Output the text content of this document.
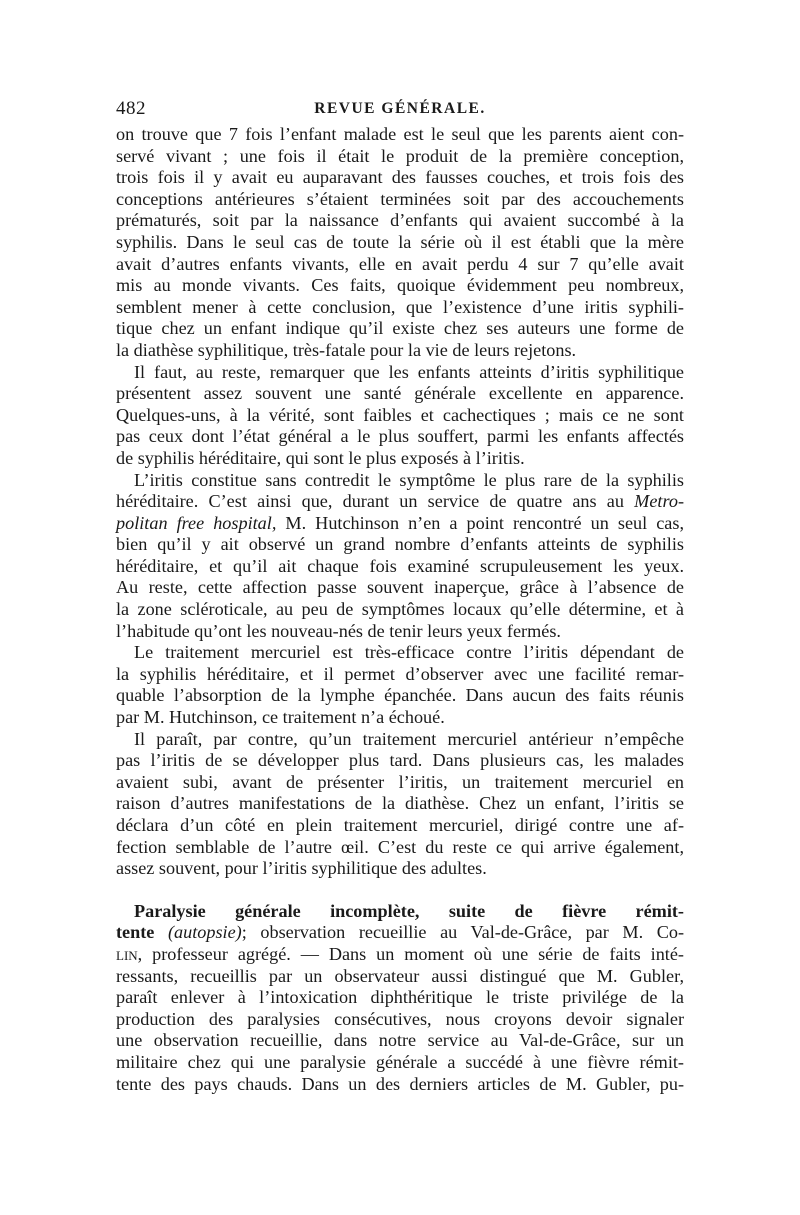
482	REVUE GÉNÉRALE.
on trouve que 7 fois l’enfant malade est le seul que les parents aient con-
servé vivant ; une fois il était le produit de la première conception,
trois fois il y avait eu auparavant des fausses couches, et trois fois des
conceptions antérieures s’étaient terminées soit par des accouchements
prématurés, soit par la naissance d’enfants qui avaient succombé à la
syphilis. Dans le seul cas de toute la série où il est établi que la mère
avait d’autres enfants vivants, elle en avait perdu 4 sur 7 qu’elle avait
mis au monde vivants. Ces faits, quoique évidemment peu nombreux,
semblent mener à cette conclusion, que l’existence d’une iritis syphili-
tique chez un enfant indique qu’il existe chez ses auteurs une forme de
la diathèse syphilitique, très-fatale pour la vie de leurs rejetons.
Il faut, au reste, remarquer que les enfants atteints d’iritis syphilitique
présentent assez souvent une santé générale excellente en apparence.
Quelques-uns, à la vérité, sont faibles et cachectiques ; mais ce ne sont
pas ceux dont l’état général a le plus souffert, parmi les enfants affectés
de syphilis héréditaire, qui sont le plus exposés à l’iritis.
L’iritis constitue sans contredit le symptôme le plus rare de la syphilis
héréditaire. C’est ainsi que, durant un service de quatre ans au Metro-
politan free hospital, M. Hutchinson n’en a point rencontré un seul cas,
bien qu’il y ait observé un grand nombre d’enfants atteints de syphilis
héréditaire, et qu’il ait chaque fois examiné scrupuleusement les yeux.
Au reste, cette affection passe souvent inaperçue, grâce à l’absence de
la zone scléroticale, au peu de symptômes locaux qu’elle détermine, et à
l’habitude qu’ont les nouveau-nés de tenir leurs yeux fermés.
Le traitement mercuriel est très-efficace contre l’iritis dépendant de
la syphilis héréditaire, et il permet d’observer avec une facilité remar-
quable l’absorption de la lymphe épanchée. Dans aucun des faits réunis
par M. Hutchinson, ce traitement n’a échoué.
Il paraît, par contre, qu’un traitement mercuriel antérieur n’empêche
pas l’iritis de se développer plus tard. Dans plusieurs cas, les malades
avaient subi, avant de présenter l’iritis, un traitement mercuriel en
raison d’autres manifestations de la diathèse. Chez un enfant, l’iritis se
déclara d’un côté en plein traitement mercuriel, dirigé contre une af-
fection semblable de l’autre œil. C’est du reste ce qui arrive également,
assez souvent, pour l’iritis syphilitique des adultes.
Paralysie générale incomplète, suite de fièvre rémit-
tente (autopsie); observation recueillie au Val-de-Grâce, par M. Co-
lin, professeur agrégé. — Dans un moment où une série de faits inté-
ressants, recueillis par un observateur aussi distingué que M. Gubler,
paraît enlever à l’intoxication diphthéritique le triste privilége de la
production des paralysies consécutives, nous croyons devoir signaler
une observation recueillie, dans notre service au Val-de-Grâce, sur un
militaire chez qui une paralysie générale a succédé à une fièvre rémit-
tente des pays chauds. Dans un des derniers articles de M. Gubler, pu-
